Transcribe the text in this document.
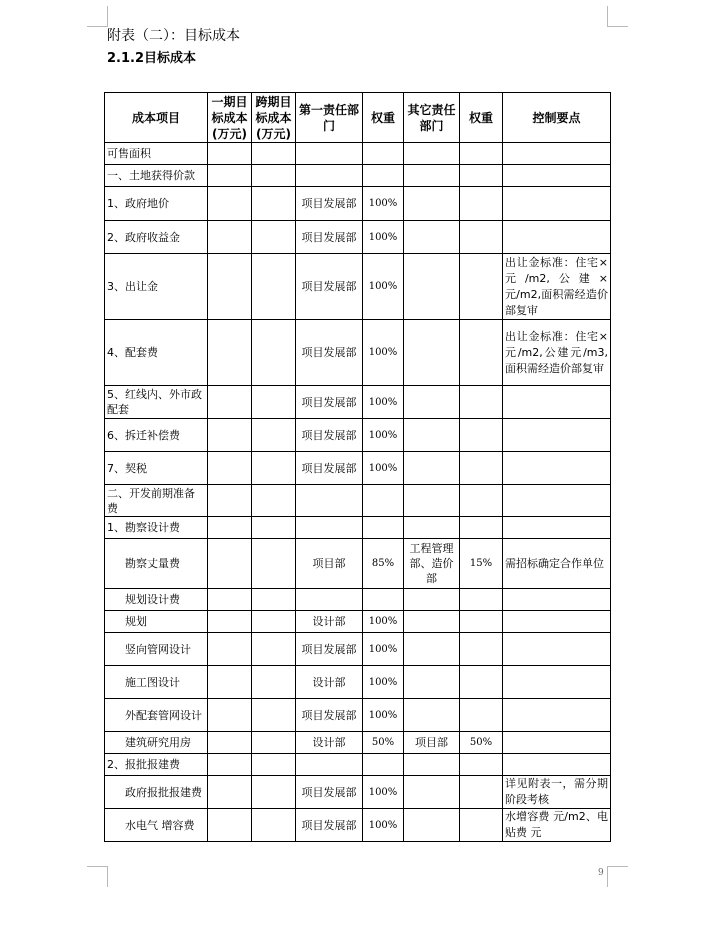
附表（二）：目标成本
2.1.2目标成本
成本项目	一期目标成本(万元)	跨期目标成本(万元)	第一责任部门	权重	其它责任部门	权重	控制要点
可售面积							
一、土地获得价款							
1、政府地价			项目发展部	100%			
2、政府收益金			项目发展部	100%			
3、出让金			项目发展部	100%			出让金标准：住宅×元/m2,公建×元/m2,面积需经造价部复审
4、配套费			项目发展部	100%			出让金标准：住宅×元/m2,公建元/m3,面积需经造价部复审
5、红线内、外市政配套			项目发展部	100%			
6、拆迁补偿费			项目发展部	100%			
7、契税			项目发展部	100%			
二、开发前期准备费							
1、勘察设计费							
勘察丈量费			项目部	85%	工程管理部、造价部	15%	需招标确定合作单位
规划设计费							
规划			设计部	100%			
竖向管网设计			项目发展部	100%			
施工图设计			设计部	100%			
外配套管网设计			项目发展部	100%			
建筑研究用房			设计部	50%	项目部	50%	
2、报批报建费							
政府报批报建费			项目发展部	100%			详见附表一，需分期阶段考核
水电气 增容费			项目发展部	100%			水增容费 元/m2、电贴费 元
9
